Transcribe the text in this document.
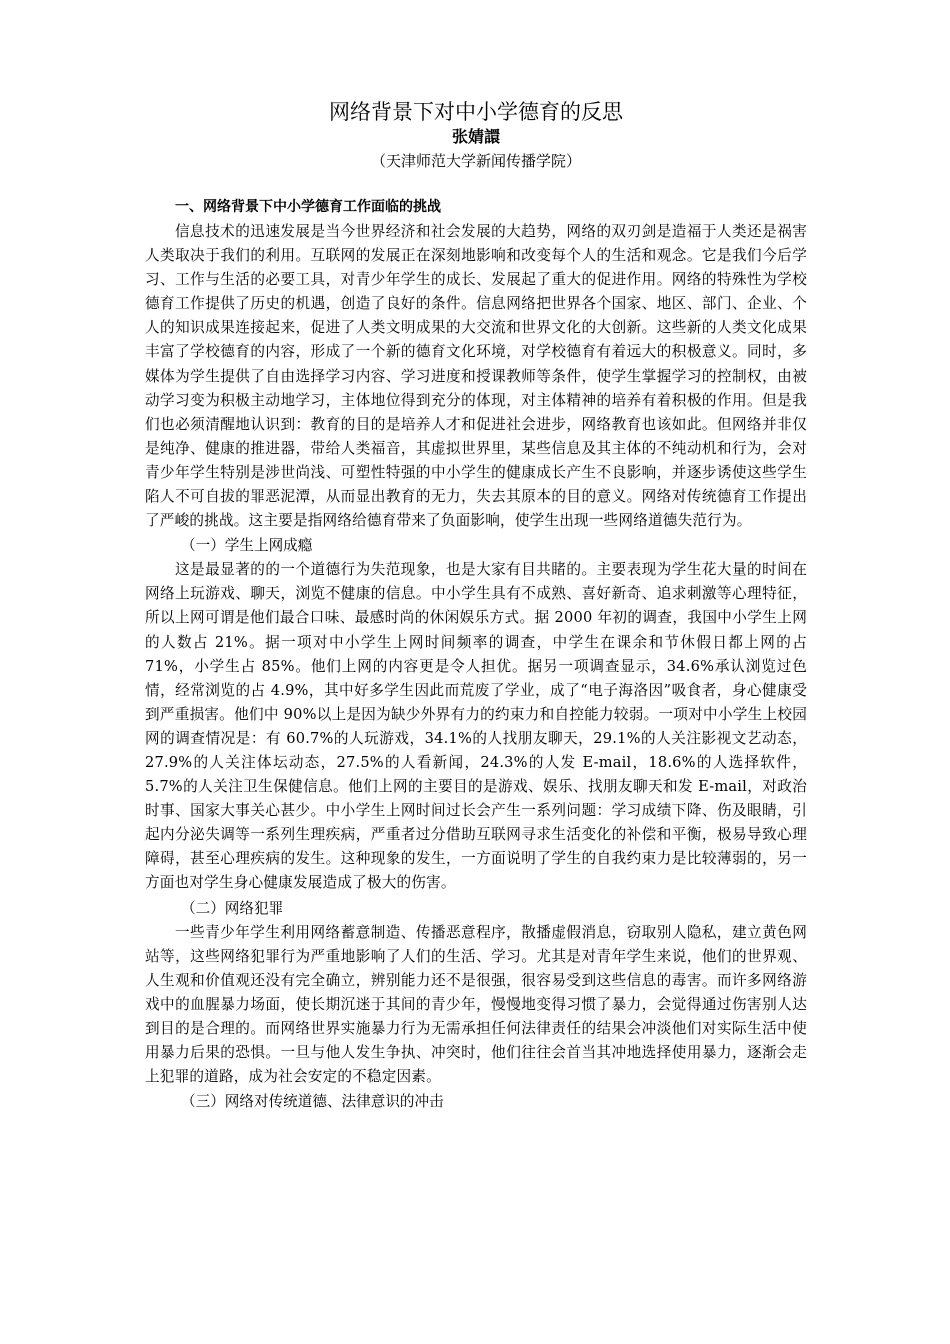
网络背景下对中小学德育的反思

张婧譞

（天津师范大学新闻传播学院）

一、网络背景下中小学德育工作面临的挑战

信息技术的迅速发展是当今世界经济和社会发展的大趋势，网络的双刃剑是造福于人类还是祸害人类取决于我们的利用。互联网的发展正在深刻地影响和改变每个人的生活和观念。它是我们今后学习、工作与生活的必要工具，对青少年学生的成长、发展起了重大的促进作用。网络的特殊性为学校德育工作提供了历史的机遇，创造了良好的条件。信息网络把世界各个国家、地区、部门、企业、个人的知识成果连接起来，促进了人类文明成果的大交流和世界文化的大创新。这些新的人类文化成果丰富了学校德育的内容，形成了一个新的德育文化环境，对学校德育有着远大的积极意义。同时，多媒体为学生提供了自由选择学习内容、学习进度和授课教师等条件，使学生掌握学习的控制权，由被动学习变为积极主动地学习，主体地位得到充分的体现，对主体精神的培养有着积极的作用。但是我们也必须清醒地认识到：教育的目的是培养人才和促进社会进步，网络教育也该如此。但网络并非仅是纯净、健康的推进器，带给人类福音，其虚拟世界里，某些信息及其主体的不纯动机和行为，会对青少年学生特别是涉世尚浅、可塑性特强的中小学生的健康成长产生不良影响，并逐步诱使这些学生陷人不可自拔的罪恶泥潭，从而显出教育的无力，失去其原本的目的意义。网络对传统德育工作提出了严峻的挑战。这主要是指网络给德育带来了负面影响，使学生出现一些网络道德失范行为。

（一）学生上网成瘾

这是最显著的的一个道德行为失范现象，也是大家有目共睹的。主要表现为学生花大量的时间在网络上玩游戏、聊天，浏览不健康的信息。中小学生具有不成熟、喜好新奇、追求刺激等心理特征，所以上网可谓是他们最合口味、最感时尚的休闲娱乐方式。据 2000 年初的调查，我国中小学生上网的人数占 21%。据一项对中小学生上网时间频率的调查，中学生在课余和节休假日都上网的占 71%，小学生占 85%。他们上网的内容更是令人担优。据另一项调查显示，34.6%承认浏览过色情，经常浏览的占 4.9%，其中好多学生因此而荒废了学业，成了“电子海洛因”吸食者，身心健康受到严重损害。他们中 90%以上是因为缺少外界有力的约束力和自控能力较弱。一项对中小学生上校园网的调查情况是：有 60.7%的人玩游戏，34.1%的人找朋友聊天，29.1%的人关注影视文艺动态，27.9%的人关注体坛动态，27.5%的人看新闻，24.3%的人发 E-mail，18.6%的人选择软件，5.7%的人关注卫生保健信息。他们上网的主要目的是游戏、娱乐、找朋友聊天和发 E-mail，对政治时事、国家大事关心甚少。中小学生上网时间过长会产生一系列问题：学习成绩下降、伤及眼睛，引起内分泌失调等一系列生理疾病，严重者过分借助互联网寻求生活变化的补偿和平衡，极易导致心理障碍，甚至心理疾病的发生。这种现象的发生，一方面说明了学生的自我约束力是比较薄弱的，另一方面也对学生身心健康发展造成了极大的伤害。

（二）网络犯罪

一些青少年学生利用网络蓄意制造、传播恶意程序，散播虚假消息，窃取别人隐私，建立黄色网站等，这些网络犯罪行为严重地影响了人们的生活、学习。尤其是对青年学生来说，他们的世界观、人生观和价值观还没有完全确立，辨别能力还不是很强，很容易受到这些信息的毒害。而许多网络游戏中的血腥暴力场面，使长期沉迷于其间的青少年，慢慢地变得习惯了暴力，会觉得通过伤害别人达到目的是合理的。而网络世界实施暴力行为无需承担任何法律责任的结果会冲淡他们对实际生活中使用暴力后果的恐惧。一旦与他人发生争执、冲突时，他们往往会首当其冲地选择使用暴力，逐渐会走上犯罪的道路，成为社会安定的不稳定因素。

（三）网络对传统道德、法律意识的冲击
